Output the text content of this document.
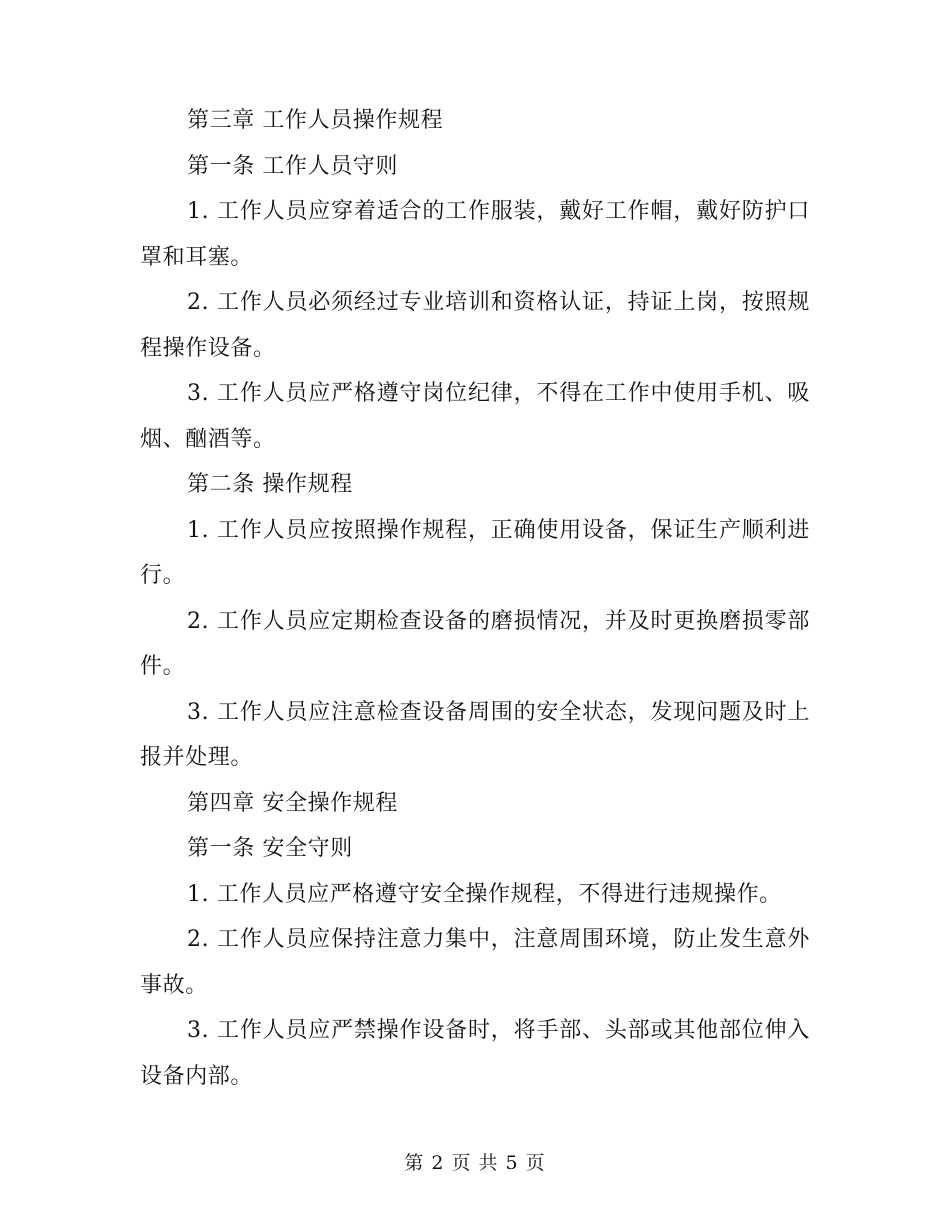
第三章 工作人员操作规程

第一条 工作人员守则

1. 工作人员应穿着适合的工作服装，戴好工作帽，戴好防护口罩和耳塞。

2. 工作人员必须经过专业培训和资格认证，持证上岗，按照规程操作设备。

3. 工作人员应严格遵守岗位纪律，不得在工作中使用手机、吸烟、酗酒等。

第二条 操作规程

1. 工作人员应按照操作规程，正确使用设备，保证生产顺利进行。

2. 工作人员应定期检查设备的磨损情况，并及时更换磨损零部件。

3. 工作人员应注意检查设备周围的安全状态，发现问题及时上报并处理。

第四章 安全操作规程

第一条 安全守则

1. 工作人员应严格遵守安全操作规程，不得进行违规操作。

2. 工作人员应保持注意力集中，注意周围环境，防止发生意外事故。

3. 工作人员应严禁操作设备时，将手部、头部或其他部位伸入设备内部。

第 2 页 共 5 页
